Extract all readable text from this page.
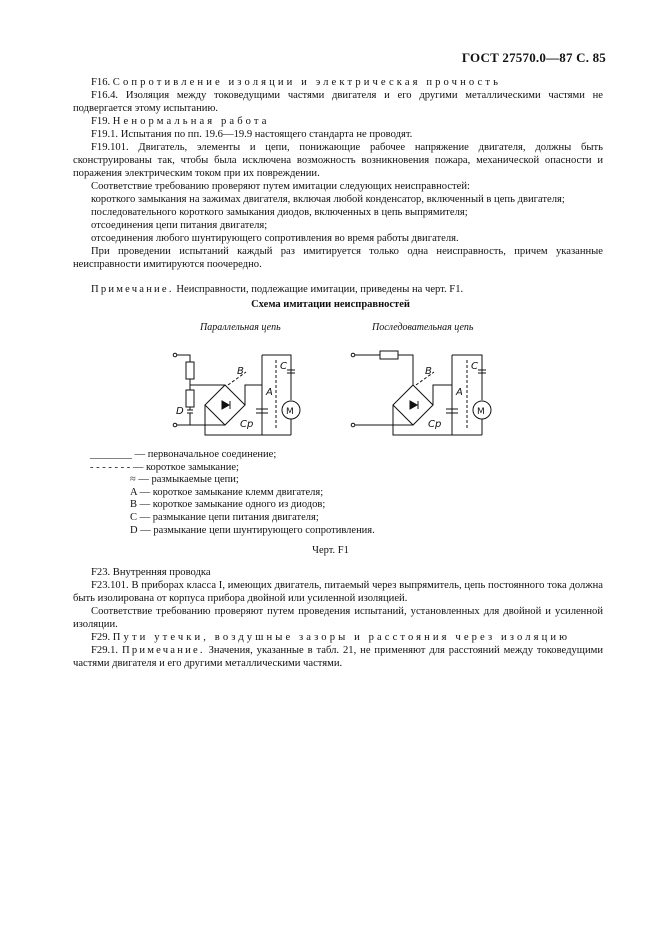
ГОСТ 27570.0—87 С. 85

F16. Сопротивление изоляции и электрическая прочность

F16.4. Изоляция между токоведущими частями двигателя и его другими металлическими частями не подвергается этому испытанию.

F19. Ненормальная работа

F19.1. Испытания по пп. 19.6—19.9 настоящего стандарта не проводят.

F19.101. Двигатель, элементы и цепи, понижающие рабочее напряжение двигателя, должны быть сконструированы так, чтобы была исключена возможность возникновения пожара, механической опасности и поражения электрическим током при их повреждении.

Соответствие требованию проверяют путем имитации следующих неисправностей:

короткого замыкания на зажимах двигателя, включая любой конденсатор, включенный в цепь двигателя;

последовательного короткого замыкания диодов, включенных в цепь выпрямителя;

отсоединения цепи питания двигателя;

отсоединения любого шунтирующего сопротивления во время работы двигателя.

При проведении испытаний каждый раз имитируется только одна неисправность, причем указанные неисправности имитируются поочередно.

Примечание. Неисправности, подлежащие имитации, приведены на черт. F1.

Схема имитации неисправностей
Параллельная цепь	Последовательная цепь
B	C
A
D
Cp
M
B	C
A
Cp
M
________ — первоначальное соединение;
- - - - - - - — короткое замыкание;
≈ — размыкаемые цепи;
A — короткое замыкание клемм двигателя;
B — короткое замыкание одного из диодов;
C — размыкание цепи питания двигателя;
D — размыкание цепи шунтирующего сопротивления.
Черт. F1

F23. Внутренняя проводка

F23.101. В приборах класса I, имеющих двигатель, питаемый через выпрямитель, цепь постоянного тока должна быть изолирована от корпуса прибора двойной или усиленной изоляцией.

Соответствие требованию проверяют путем проведения испытаний, установленных для двойной и усиленной изоляции.

F29. Пути утечки, воздушные зазоры и расстояния через изоляцию

F29.1. Примечание. Значения, указанные в табл. 21, не применяют для расстояний между токоведущими частями двигателя и его другими металлическими частями.
